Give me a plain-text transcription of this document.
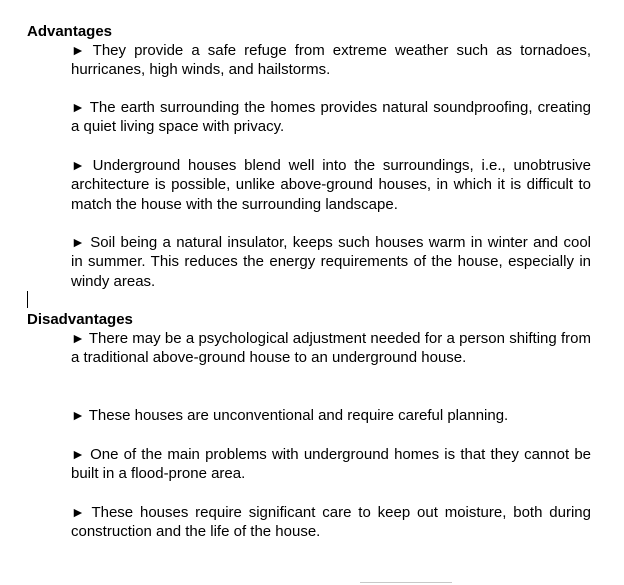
Advantages

► They provide a safe refuge from extreme weather such as tornadoes, hurricanes, high winds, and hailstorms.

► The earth surrounding the homes provides natural soundproofing, creating a quiet living space with privacy.

► Underground houses blend well into the surroundings, i.e., unobtrusive architecture is possible, unlike above-ground houses, in which it is difficult to match the house with the surrounding landscape.

► Soil being a natural insulator, keeps such houses warm in winter and cool in summer. This reduces the energy requirements of the house, especially in windy areas.

Disadvantages

► There may be a psychological adjustment needed for a person shifting from a traditional above-ground house to an underground house.

► These houses are unconventional and require careful planning.

► One of the main problems with underground homes is that they cannot be built in a flood-prone area.

► These houses require significant care to keep out moisture, both during construction and the life of the house.
